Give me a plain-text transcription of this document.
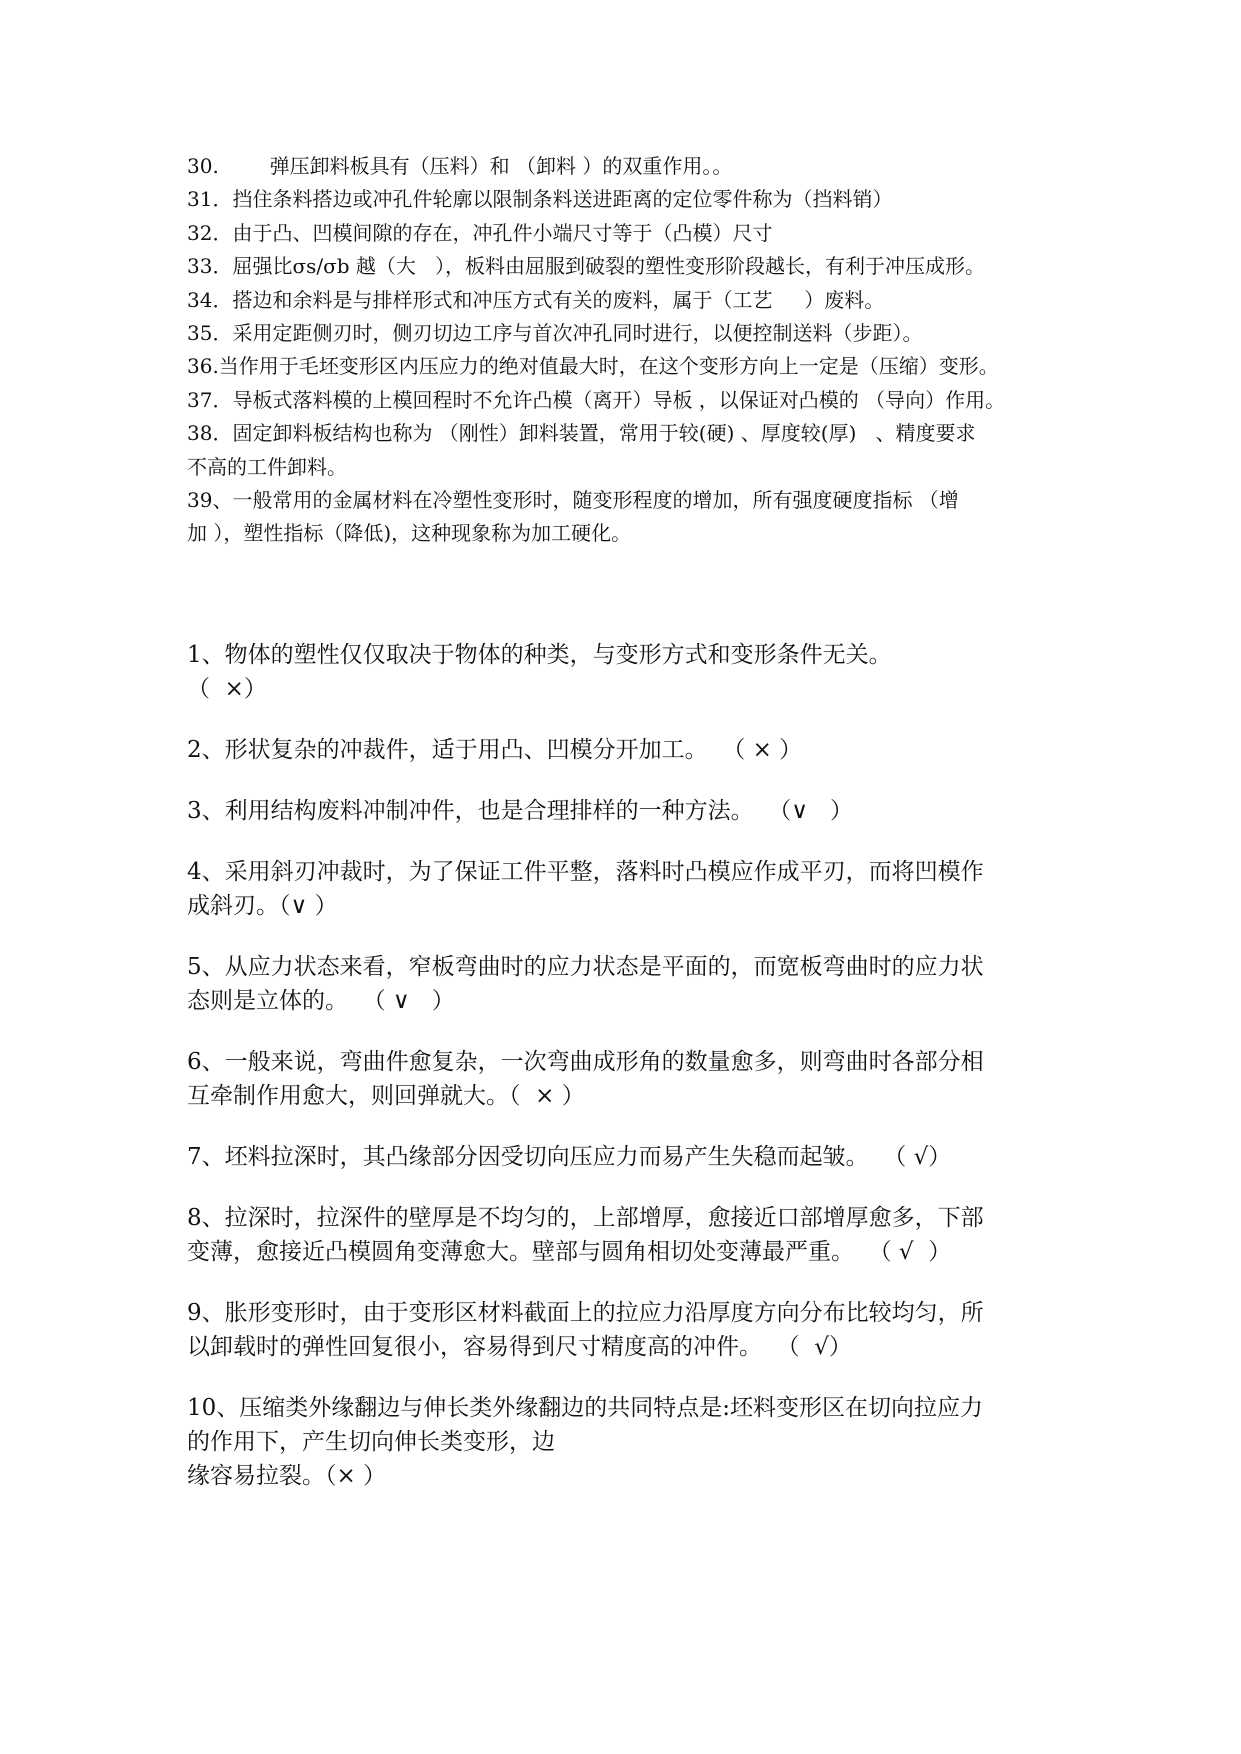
30.        弹压卸料板具有（压料）和 （卸料 ）的双重作用。。

31．挡住条料搭边或冲孔件轮廓以限制条料送进距离的定位零件称为（挡料销）

32．由于凸、凹模间隙的存在，冲孔件小端尺寸等于（凸模）尺寸

33．屈强比σs/σb 越（大   ），板料由屈服到破裂的塑性变形阶段越长，有利于冲压成形。

34．搭边和余料是与排样形式和冲压方式有关的废料，属于（工艺     ）废料。

35．采用定距侧刃时，侧刃切边工序与首次冲孔同时进行，以便控制送料（步距）。

36.当作用于毛坯变形区内压应力的绝对值最大时，在这个变形方向上一定是（压缩）变形。

37．导板式落料模的上模回程时不允许凸模（离开）导板 ，以保证对凸模的 （导向）作用。

38．固定卸料板结构也称为 （刚性）卸料装置，常用于较(硬) 、厚度较(厚)   、精度要求

不高的工件卸料。

39、一般常用的金属材料在冷塑性变形时，随变形程度的增加，所有强度硬度指标 （增

加 ），塑性指标（降低)，这种现象称为加工硬化。

1、物体的塑性仅仅取决于物体的种类，与变形方式和变形条件无关。

（  ×）

2、形状复杂的冲裁件，适于用凸、凹模分开加工。  （ × ）

3、利用结构废料冲制冲件，也是合理排样的一种方法。  （∨   ）

4、采用斜刃冲裁时，为了保证工件平整，落料时凸模应作成平刃，而将凹模作

成斜刃。（∨ ）

5、从应力状态来看，窄板弯曲时的应力状态是平面的，而宽板弯曲时的应力状

态则是立体的。  （ ∨   ）

6、一般来说，弯曲件愈复杂，一次弯曲成形角的数量愈多，则弯曲时各部分相

互牵制作用愈大，则回弹就大。（  × ）

7、坯料拉深时，其凸缘部分因受切向压应力而易产生失稳而起皱。  （ √）

8、拉深时，拉深件的壁厚是不均匀的，上部增厚，愈接近口部增厚愈多，下部

变薄，愈接近凸模圆角变薄愈大。壁部与圆角相切处变薄最严重。  （ √  ）

9、胀形变形时，由于变形区材料截面上的拉应力沿厚度方向分布比较均匀，所

以卸载时的弹性回复很小，容易得到尺寸精度高的冲件。  （  √）

10、压缩类外缘翻边与伸长类外缘翻边的共同特点是:坯料变形区在切向拉应力

的作用下，产生切向伸长类变形，边

缘容易拉裂。（× ）
